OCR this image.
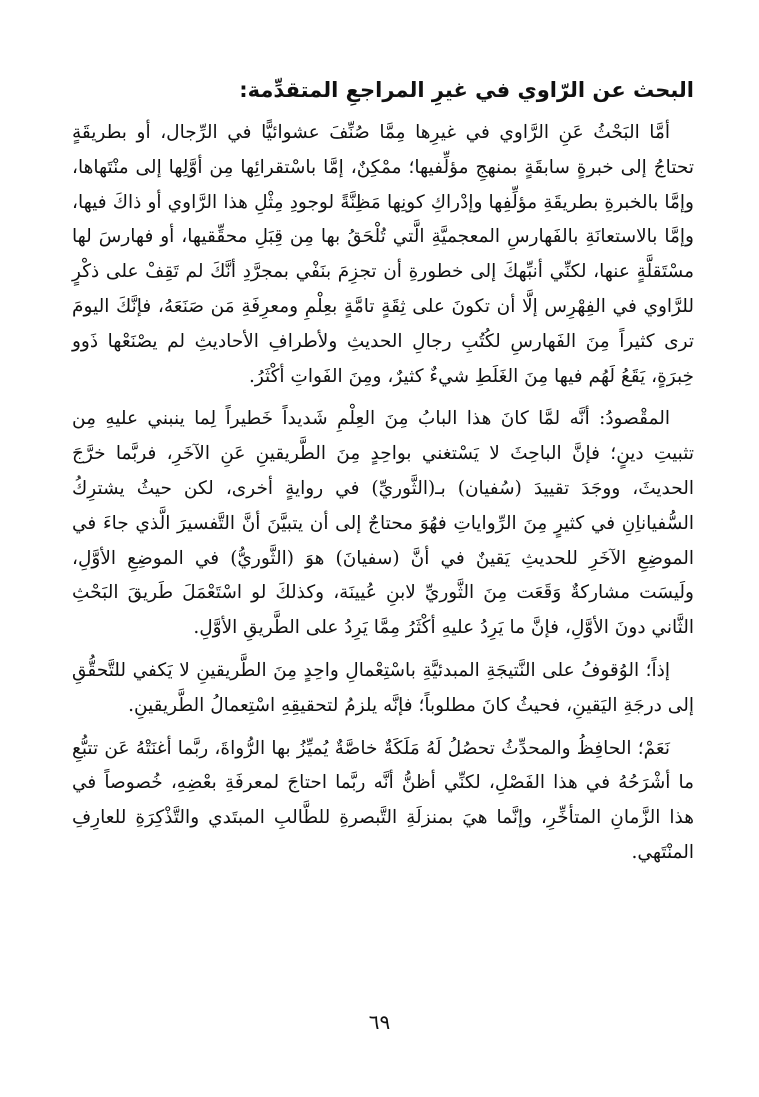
البحث عن الرّاوي في غيرِ المراجعِ المتقدِّمة:

أمَّا البَحْثُ عَنِ الرَّاوي في غيرِها مِمَّا صُنِّفَ عشوائيًّا في الرِّجال، أو بطريقَةٍ تحتاجُ إلى خبرةٍ سابقَةٍ بمنهجِ مؤلِّفيها؛ ممْكِنٌ، إمَّا باسْتقرائِها مِن أوَّلِها إلى منْتَهاها، وإمَّا بالخبرةِ بطريقَةِ مؤلِّفِها وإدْراكِ كونِها مَظِنَّةً لوجودِ مِثْلِ هذا الرَّاوي أو ذاكَ فيها، وإمَّا بالاستعانَةِ بالفَهارسِ المعجميَّةِ الَّتي تُلْحَقُ بها مِن قِبَلِ محقِّقيها، أو فهارسَ لها مسْتَقلَّةٍ عنها، لكنِّي أنبِّهكَ إلى خطورةِ أن تجزِمَ بنَفْي بمجرَّدِ أنَّكَ لم تَقِفْ على ذكْرٍ للرَّاوي في الفِهْرِس إلَّا أن تكونَ على ثِقَةٍ تامَّةٍ بعِلْمِ ومعرِفَةِ مَن صَنَعَهُ، فإنَّكَ اليومَ ترى كثيراً مِنَ الفَهارسِ لكُتُبِ رجالِ الحديثِ ولأطرافِ الأحاديثِ لم يصْنَعْها ذَوو خِبرَةٍ، يَقَعُ لَهُم فيها مِنَ الغَلَطِ شيءٌ كثيرٌ، ومِنَ الفَواتِ أكْثَرُ.

المقْصودُ: أنَّه لمَّا كانَ هذا البابُ مِنَ العِلْمِ شَديداً خَطيراً لِما ينبني عليهِ مِن تثبيتِ دينٍ؛ فإنَّ الباحِثَ لا يَسْتغني بواحِدٍ مِنَ الطَّريقينِ عَنِ الآخَرِ، فربَّما خرَّجَ الحديثَ، ووجَدَ تقييدَ (سُفيان) بـ(الثَّوريِّ) في روايةٍ أخرى، لكن حيثُ يشترِكُ السُّفياناِنِ في كثيرٍ مِنَ الرِّواياتِ فهُوَ محتاجٌ إلى أن يتبيَّنَ أنَّ التَّفسيرَ الَّذي جاءَ في الموضِعِ الآخَرِ للحديثِ يَقينٌ في أنَّ (سفيانَ) هوَ (الثَّوريُّ) في الموضِعِ الأوَّلِ، ولَيسَت مشاركةٌ وَقَعَت مِنَ الثَّوريِّ لابنِ عُيينَة، وكذلكَ لو اسْتَعْمَلَ طَريقَ البَحْثِ الثَّاني دونَ الأوَّلِ، فإنَّ ما يَرِدُ عليهِ أكْثَرُ مِمَّا يَرِدُ على الطَّريقِ الأوَّلِ.

إذاً؛ الوُقوفُ على النَّتيجَةِ المبدئيَّةِ باسْتِعْمالِ واحِدٍ مِنَ الطَّريقينِ لا يَكفي للتَّحقُّقِ إلى درجَةِ اليَقينِ، فحيثُ كانَ مطلوباً؛ فإنَّه يلزمُ لتحقيقِهِ اسْتِعمالُ الطَّريقينِ.

نَعَمْ؛ الحافِظُ والمحدِّثُ تحصُلُ لَهُ مَلَكَةٌ خاصَّةٌ يُميِّزُ بها الرُّواةَ، ربَّما أغنَتْهُ عَن تتبُّعِ ما أشْرَحُهُ في هذا الفَصْلِ، لكنِّي أظنُّ أنَّه ربَّما احتاجَ لمعرفَةِ بعْضِهِ، خُصوصاً في هذا الزَّمانِ المتأخِّرِ، وإنَّما هيَ بمنزلَةِ التَّبصرةِ للطَّالبِ المبتَدي والتَّذْكِرَةِ للعارِفِ المنْتَهي.

٦٩
